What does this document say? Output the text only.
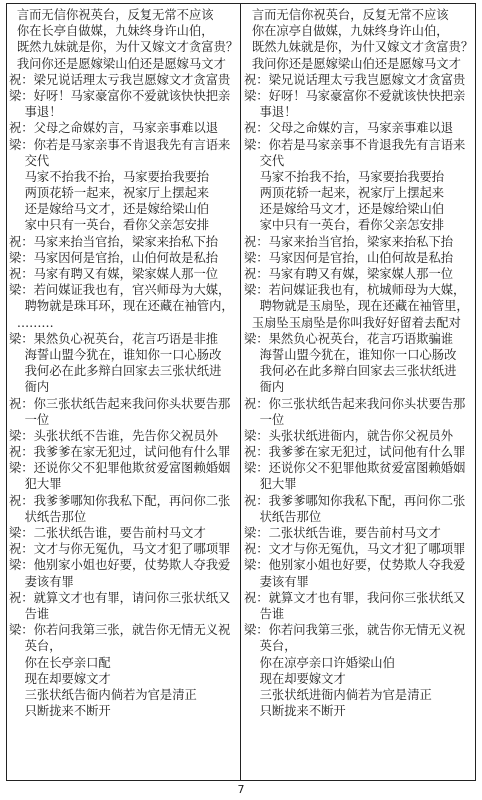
言而无信你祝英台，反复无常不应该
你在长亭自做媒，九妹终身许山伯，
既然九妹就是你，为什又嫁文才贪富贵？
我问你还是愿嫁梁山伯还是愿嫁马文才
祝：梁兄说话理太亏我岂愿嫁文才贪富贵
梁：好呀！马家豪富你不爱就该快快把亲
事退！
祝：父母之命媒妁言，马家亲事难以退
梁：你若是马家亲事不肯退我先有言语来
交代
马家不抬我不抬，马家要抬我要抬
两顶花轿一起来，祝家厅上摆起来
还是嫁给马文才，还是嫁给梁山伯
家中只有一英台，看你父亲怎安排
祝：马家来抬当官抬，梁家来抬私下抬
梁：马家因何是官抬，山伯何故是私抬
祝：马家有聘又有媒，梁家媒人那一位
梁：若问媒证我也有，官兴师母为大媒，
聘物就是珠耳环，现在还藏在袖管内，
………
梁：果然负心祝英台，花言巧语是非推
海誓山盟今犹在，谁知你一口心肠改
我何必在此多辩白回家去三张状纸进
衙内
祝：你三张状纸告起来我问你头状要告那
一位
梁：头张状纸不告谁，先告你父祝员外
祝：我爹爹在家无犯过，试问他有什么罪
梁：还说你父不犯罪他欺贫爱富图赖婚姻
犯大罪
祝：我爹爹哪知你我私下配，再问你二张
状纸告那位
梁：二张状纸告谁，要告前村马文才
祝：文才与你无冤仇，马文才犯了哪项罪
梁：他别家小姐也好要，仗势欺人夺我爱
妻该有罪
祝：就算文才也有罪，请问你三张状纸又
告谁
梁：你若问我第三张，就告你无情无义祝
英台，
你在长亭亲口配
现在却要嫁文才
三张状纸告衙内倘若为官是清正
只断拢来不断开
言而无信你祝英台，反复无常不应该
你在凉亭自做媒，九妹终身许山伯，
既然九妹就是你，为什又嫁文才贪富贵？
我问你还是愿嫁梁山伯还是愿嫁马文才
祝：梁兄说话理太亏我岂愿嫁文才贪富贵
梁：好呀！马家豪富你不爱就该快快把亲
事退！
祝：父母之命媒妁言，马家亲事难以退
梁：你若是马家亲事不肯退我先有言语来
交代
马家不抬我不抬，马家要抬我要抬
两顶花轿一起来，祝家厅上摆起来
还是嫁给马文才，还是嫁给梁山伯
家中只有一英台，看你父亲怎安排
祝：马家来抬当官抬，梁家来抬私下抬
梁：马家因何是官抬，山伯何故是私抬
祝：马家有聘又有媒，梁家媒人那一位
梁：若问媒证我也有，杭城师母为大媒，
聘物就是玉扇坠，现在还藏在袖管里，
玉扇坠玉扇坠是你叫我好好留着去配对
梁：果然负心祝英台，花言巧语欺骗谁
海誓山盟今犹在，谁知你一口心肠改
我何必在此多辩白回家去三张状纸进
衙内
祝：你三张状纸告起来我问你头状要告那
一位
梁：头张状纸进衙内，就告你父祝员外
祝：我爹爹在家无犯过，试问他有什么罪
梁：还说你父不犯罪他欺贫爱富图赖婚姻
犯大罪
祝：我爹爹哪知你我私下配，再问你二张
状纸告那位
梁：二张状纸告谁，要告前村马文才
祝：文才与你无冤仇，马文才犯了哪项罪
梁：他别家小姐也好要，仗势欺人夺我爱
妻该有罪
祝：就算文才也有罪，我问你三张状纸又
告谁
梁：你若问我第三张，就告你无情无义祝
英台，
你在凉亭亲口许婚梁山伯
现在却要嫁文才
三张状纸进衙内倘若为官是清正
只断拢来不断开
7
